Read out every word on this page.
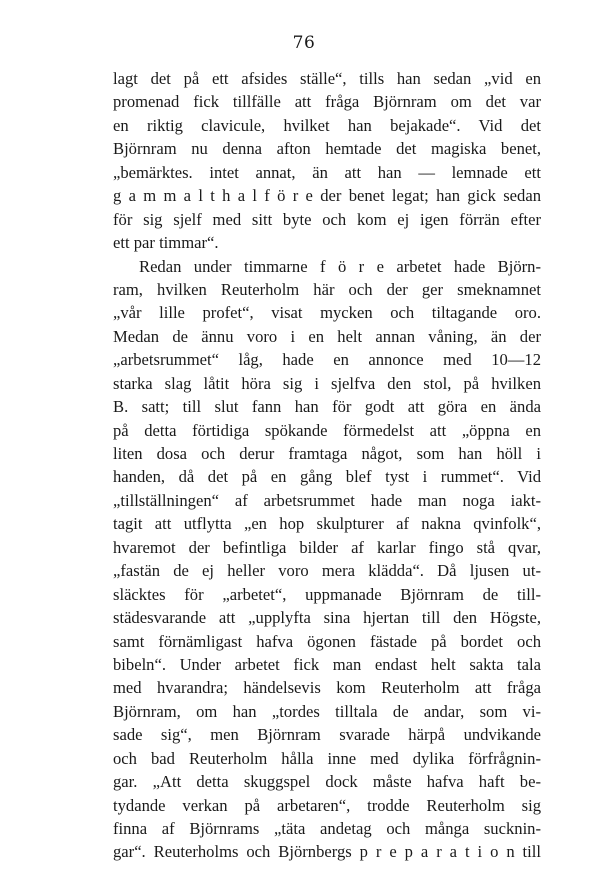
76
lagt det på ett afsides ställe“, tills han sedan „vid en
promenad fick tillfälle att fråga Björnram om det var
en riktig clavicule, hvilket han bejakade“. Vid det
Björnram nu denna afton hemtade det magiska benet,
„bemärktes. intet annat, än att han — lemnade ett
g a m m a l t h a l f ö r e der benet legat; han gick sedan
för sig sjelf med sitt byte och kom ej igen förrän efter
ett par timmar“.
Redan under timmarne f ö r e arbetet hade Björn-
ram, hvilken Reuterholm här och der ger smeknamnet
„vår lille profet“, visat mycken och tiltagande oro.
Medan de ännu voro i en helt annan våning, än der
„arbetsrummet“ låg, hade en annonce med 10—12
starka slag låtit höra sig i sjelfva den stol, på hvilken
B. satt; till slut fann han för godt att göra en ända
på detta förtidiga spökande förmedelst att „öppna en
liten dosa och derur framtaga något, som han höll i
handen, då det på en gång blef tyst i rummet“. Vid
„tillställningen“ af arbetsrummet hade man noga iakt-
tagit att utflytta „en hop skulpturer af nakna qvinfolk“,
hvaremot der befintliga bilder af karlar fingo stå qvar,
„fastän de ej heller voro mera klädda“. Då ljusen ut-
släcktes för „arbetet“, uppmanade Björnram de till-
städesvarande att „upplyfta sina hjertan till den Högste,
samt förnämligast hafva ögonen fästade på bordet och
bibeln“. Under arbetet fick man endast helt sakta tala
med hvarandra; händelsevis kom Reuterholm att fråga
Björnram, om han „tordes tilltala de andar, som vi-
sade sig“, men Björnram svarade härpå undvikande
och bad Reuterholm hålla inne med dylika förfrågnin-
gar. „Att detta skuggspel dock måste hafva haft be-
tydande verkan på arbetaren“, trodde Reuterholm sig
finna af Björnrams „täta andetag och många sucknin-
gar“. Reuterholms och Björnbergs p r e p a r a t i o n till
